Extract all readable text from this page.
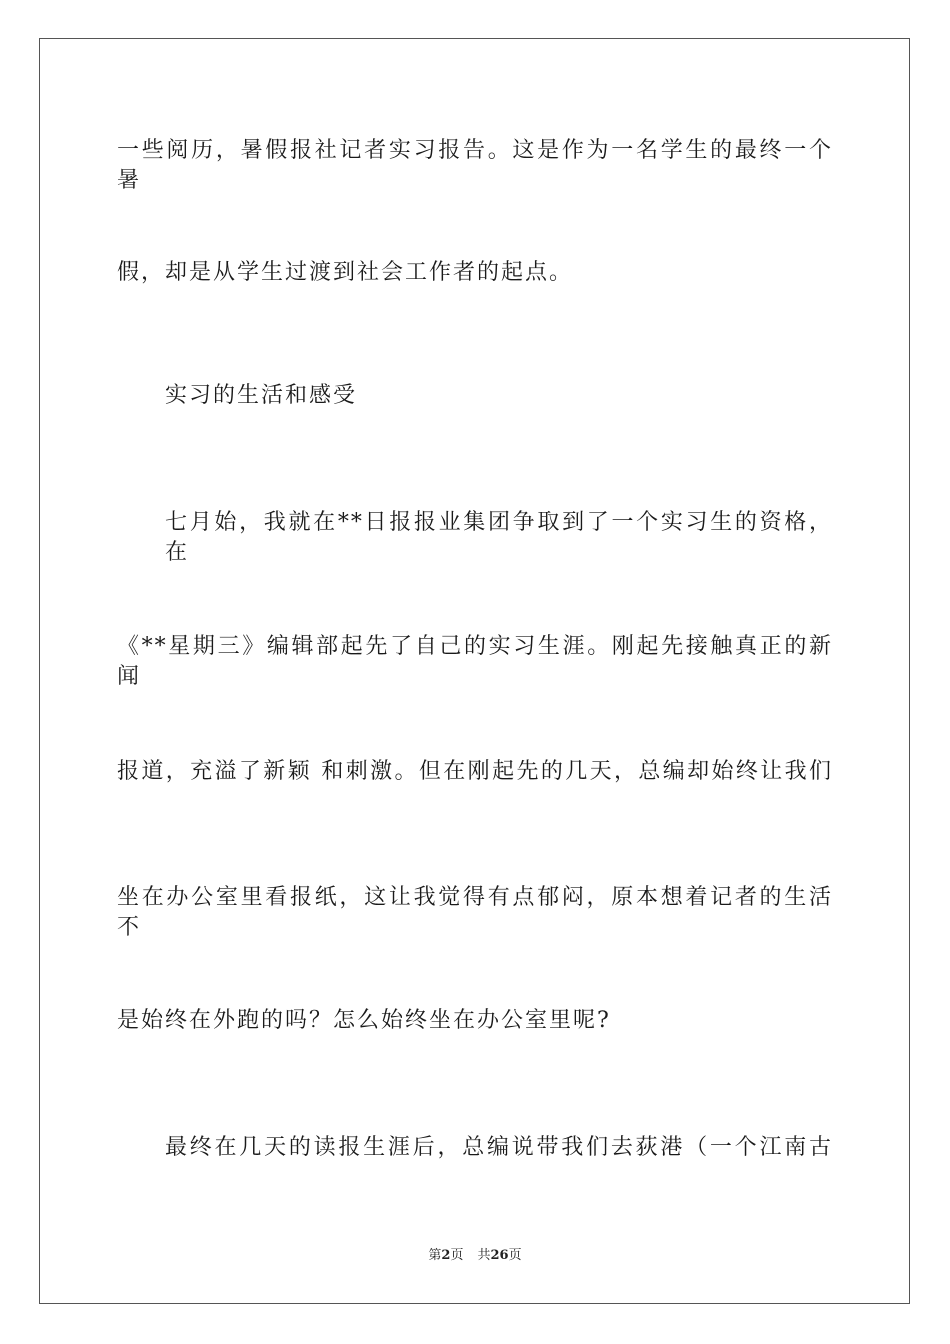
一些阅历，暑假报社记者实习报告。这是作为一名学生的最终一个暑
假，却是从学生过渡到社会工作者的起点。
实习的生活和感受
七月始，我就在**日报报业集团争取到了一个实习生的资格，在
《**星期三》编辑部起先了自己的实习生涯。刚起先接触真正的新闻
报道，充溢了新颖 和刺激。但在刚起先的几天，总编却始终让我们
坐在办公室里看报纸，这让我觉得有点郁闷，原本想着记者的生活不
是始终在外跑的吗？怎么始终坐在办公室里呢?
最终在几天的读报生涯后，总编说带我们去荻港（一个江南古
第2页 共26页
